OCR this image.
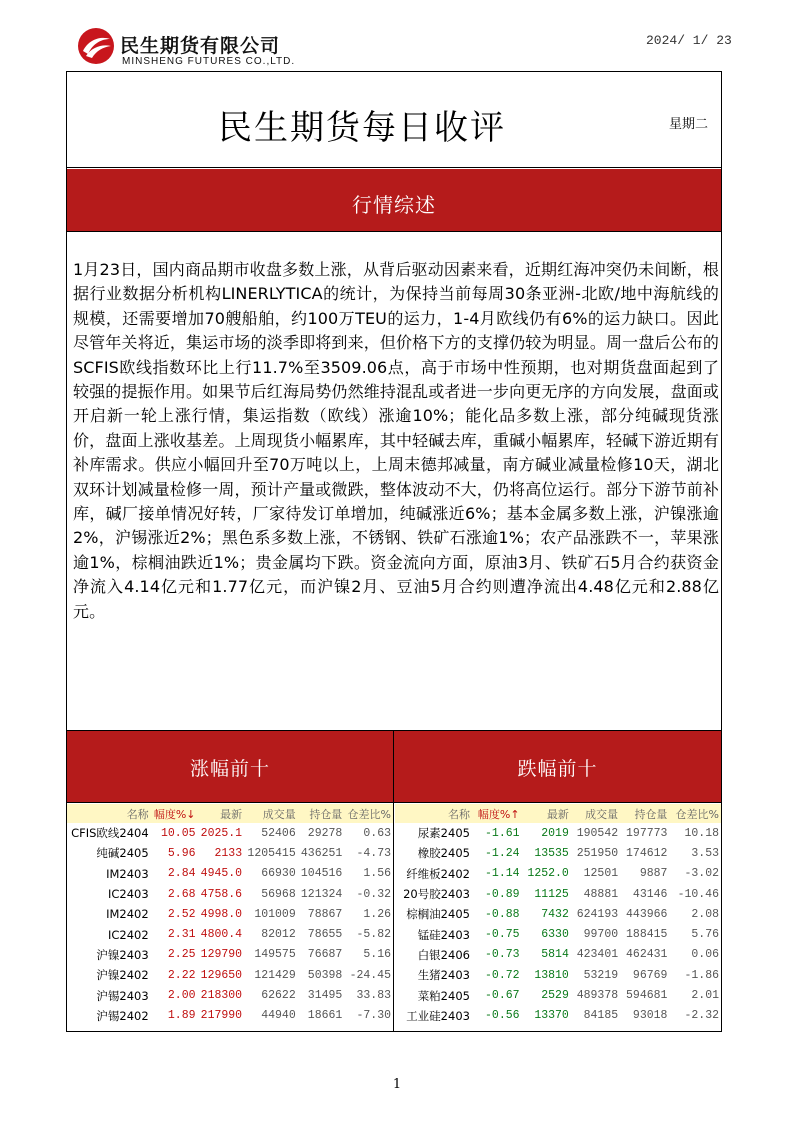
民生期货有限公司
MINSHENG FUTURES CO.,LTD.
2024/ 1/ 23
民生期货每日收评	星期二
行情综述
1月23日，国内商品期市收盘多数上涨，从背后驱动因素来看，近期红海冲突仍未间断，根据行业数据分析机构LINERLYTICA的统计，为保持当前每周30条亚洲-北欧/地中海航线的规模，还需要增加70艘船舶，约100万TEU的运力，1-4月欧线仍有6%的运力缺口。因此尽管年关将近，集运市场的淡季即将到来，但价格下方的支撑仍较为明显。周一盘后公布的SCFIS欧线指数环比上行11.7%至3509.06点，高于市场中性预期，也对期货盘面起到了较强的提振作用。如果节后红海局势仍然维持混乱或者进一步向更无序的方向发展，盘面或开启新一轮上涨行情，集运指数（欧线）涨逾10%；能化品多数上涨，部分纯碱现货涨价，盘面上涨收基差。上周现货小幅累库，其中轻碱去库，重碱小幅累库，轻碱下游近期有补库需求。供应小幅回升至70万吨以上，上周末德邦减量，南方碱业减量检修10天，湖北双环计划减量检修一周，预计产量或微跌，整体波动不大，仍将高位运行。部分下游节前补库，碱厂接单情况好转，厂家待发订单增加，纯碱涨近6%；基本金属多数上涨，沪镍涨逾2%，沪锡涨近2%；黑色系多数上涨，不锈钢、铁矿石涨逾1%；农产品涨跌不一，苹果涨逾1%，棕榈油跌近1%；贵金属均下跌。资金流向方面，原油3月、铁矿石5月合约获资金净流入4.14亿元和1.77亿元，而沪镍2月、豆油5月合约则遭净流出4.48亿元和2.88亿元。
涨幅前十	跌幅前十
名称	幅度%↓	最新	成交量	持仓量	仓差比%
CFIS欧线2404	10.05	2025.1	52406	29278	0.63
纯碱2405	5.96	2133	1205415	436251	-4.73
IM2403	2.84	4945.0	66930	104516	1.56
IC2403	2.68	4758.6	56968	121324	-0.32
IM2402	2.52	4998.0	101009	78867	1.26
IC2402	2.31	4800.4	82012	78655	-5.82
沪镍2403	2.25	129790	149575	76687	5.16
沪镍2402	2.22	129650	121429	50398	-24.45
沪锡2403	2.00	218300	62622	31495	33.83
沪锡2402	1.89	217990	44940	18661	-7.30
名称	幅度%↑	最新	成交量	持仓量	仓差比%
尿素2405	-1.61	2019	190542	197773	10.18
橡胶2405	-1.24	13535	251950	174612	3.53
纤维板2402	-1.14	1252.0	12501	9887	-3.02
20号胶2403	-0.89	11125	48881	43146	-10.46
棕榈油2405	-0.88	7432	624193	443966	2.08
锰硅2403	-0.75	6330	99700	188415	5.76
白银2406	-0.73	5814	423401	462431	0.06
生猪2403	-0.72	13810	53219	96769	-1.86
菜粕2405	-0.67	2529	489378	594681	2.01
工业硅2403	-0.56	13370	84185	93018	-2.32
1
